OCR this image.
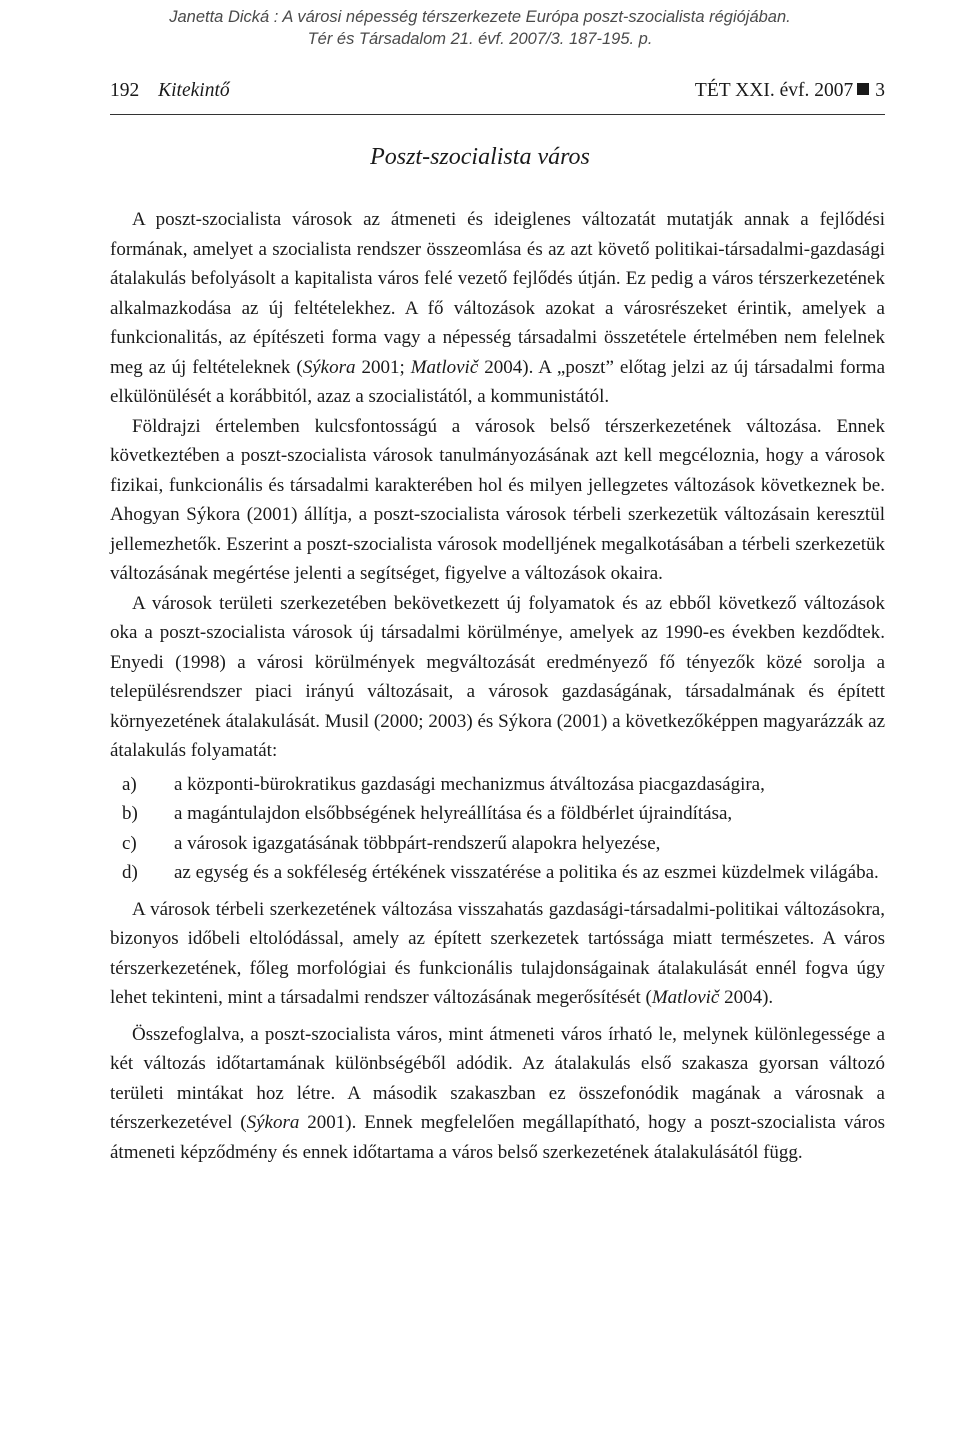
Janetta Dická : A városi népesség térszerkezete Európa poszt-szocialista régiójában.
Tér és Társadalom 21. évf. 2007/3. 187-195. p.
192 Kitekintő	TÉT XXI. évf. 2007 3
Poszt-szocialista város

A poszt-szocialista városok az átmeneti és ideiglenes változatát mutatják annak a fejlődési formának, amelyet a szocialista rendszer összeomlása és az azt követő politikai-társadalmi-gazdasági átalakulás befolyásolt a kapitalista város felé vezető fejlődés útján. Ez pedig a város térszerkezetének alkalmazkodása az új feltételekhez. A fő változások azokat a városrészeket érintik, amelyek a funkcionalitás, az építészeti forma vagy a népesség társadalmi összetétele értelmében nem felelnek meg az új feltételeknek (Sýkora 2001; Matlovič 2004). A „poszt” előtag jelzi az új társadalmi forma elkülönülését a korábbitól, azaz a szocialistától, a kommunistától.

Földrajzi értelemben kulcsfontosságú a városok belső térszerkezetének változása. Ennek következtében a poszt-szocialista városok tanulmányozásának azt kell megcéloznia, hogy a városok fizikai, funkcionális és társadalmi karakterében hol és milyen jellegzetes változások következnek be. Ahogyan Sýkora (2001) állítja, a poszt-szocialista városok térbeli szerkezetük változásain keresztül jellemezhetők. Eszerint a poszt-szocialista városok modelljének megalkotásában a térbeli szerkezetük változásának megértése jelenti a segítséget, figyelve a változások okaira.

A városok területi szerkezetében bekövetkezett új folyamatok és az ebből következő változások oka a poszt-szocialista városok új társadalmi körülménye, amelyek az 1990-es években kezdődtek. Enyedi (1998) a városi körülmények megváltozását eredményező fő tényezők közé sorolja a településrendszer piaci irányú változásait, a városok gazdaságának, társadalmának és épített környezetének átalakulását. Musil (2000; 2003) és Sýkora (2001) a következőképpen magyarázzák az átalakulás folyamatát:

a) a központi-bürokratikus gazdasági mechanizmus átváltozása piacgazdaságira,
b) a magántulajdon elsőbbségének helyreállítása és a földbérlet újraindítása,
c) a városok igazgatásának többpárt-rendszerű alapokra helyezése,
d) az egység és a sokféleség értékének visszatérése a politika és az eszmei küzdelmek világába.

A városok térbeli szerkezetének változása visszahatás gazdasági-társadalmi-politikai változásokra, bizonyos időbeli eltolódással, amely az épített szerkezetek tartóssága miatt természetes. A város térszerkezetének, főleg morfológiai és funkcionális tulajdonságainak átalakulását ennél fogva úgy lehet tekinteni, mint a társadalmi rendszer változásának megerősítését (Matlovič 2004).

Összefoglalva, a poszt-szocialista város, mint átmeneti város írható le, melynek különlegessége a két változás időtartamának különbségéből adódik. Az átalakulás első szakasza gyorsan változó területi mintákat hoz létre. A második szakaszban ez összefonódik magának a városnak a térszerkezetével (Sýkora 2001). Ennek megfelelően megállapítható, hogy a poszt-szocialista város átmeneti képződmény és ennek időtartama a város belső szerkezetének átalakulásától függ.
